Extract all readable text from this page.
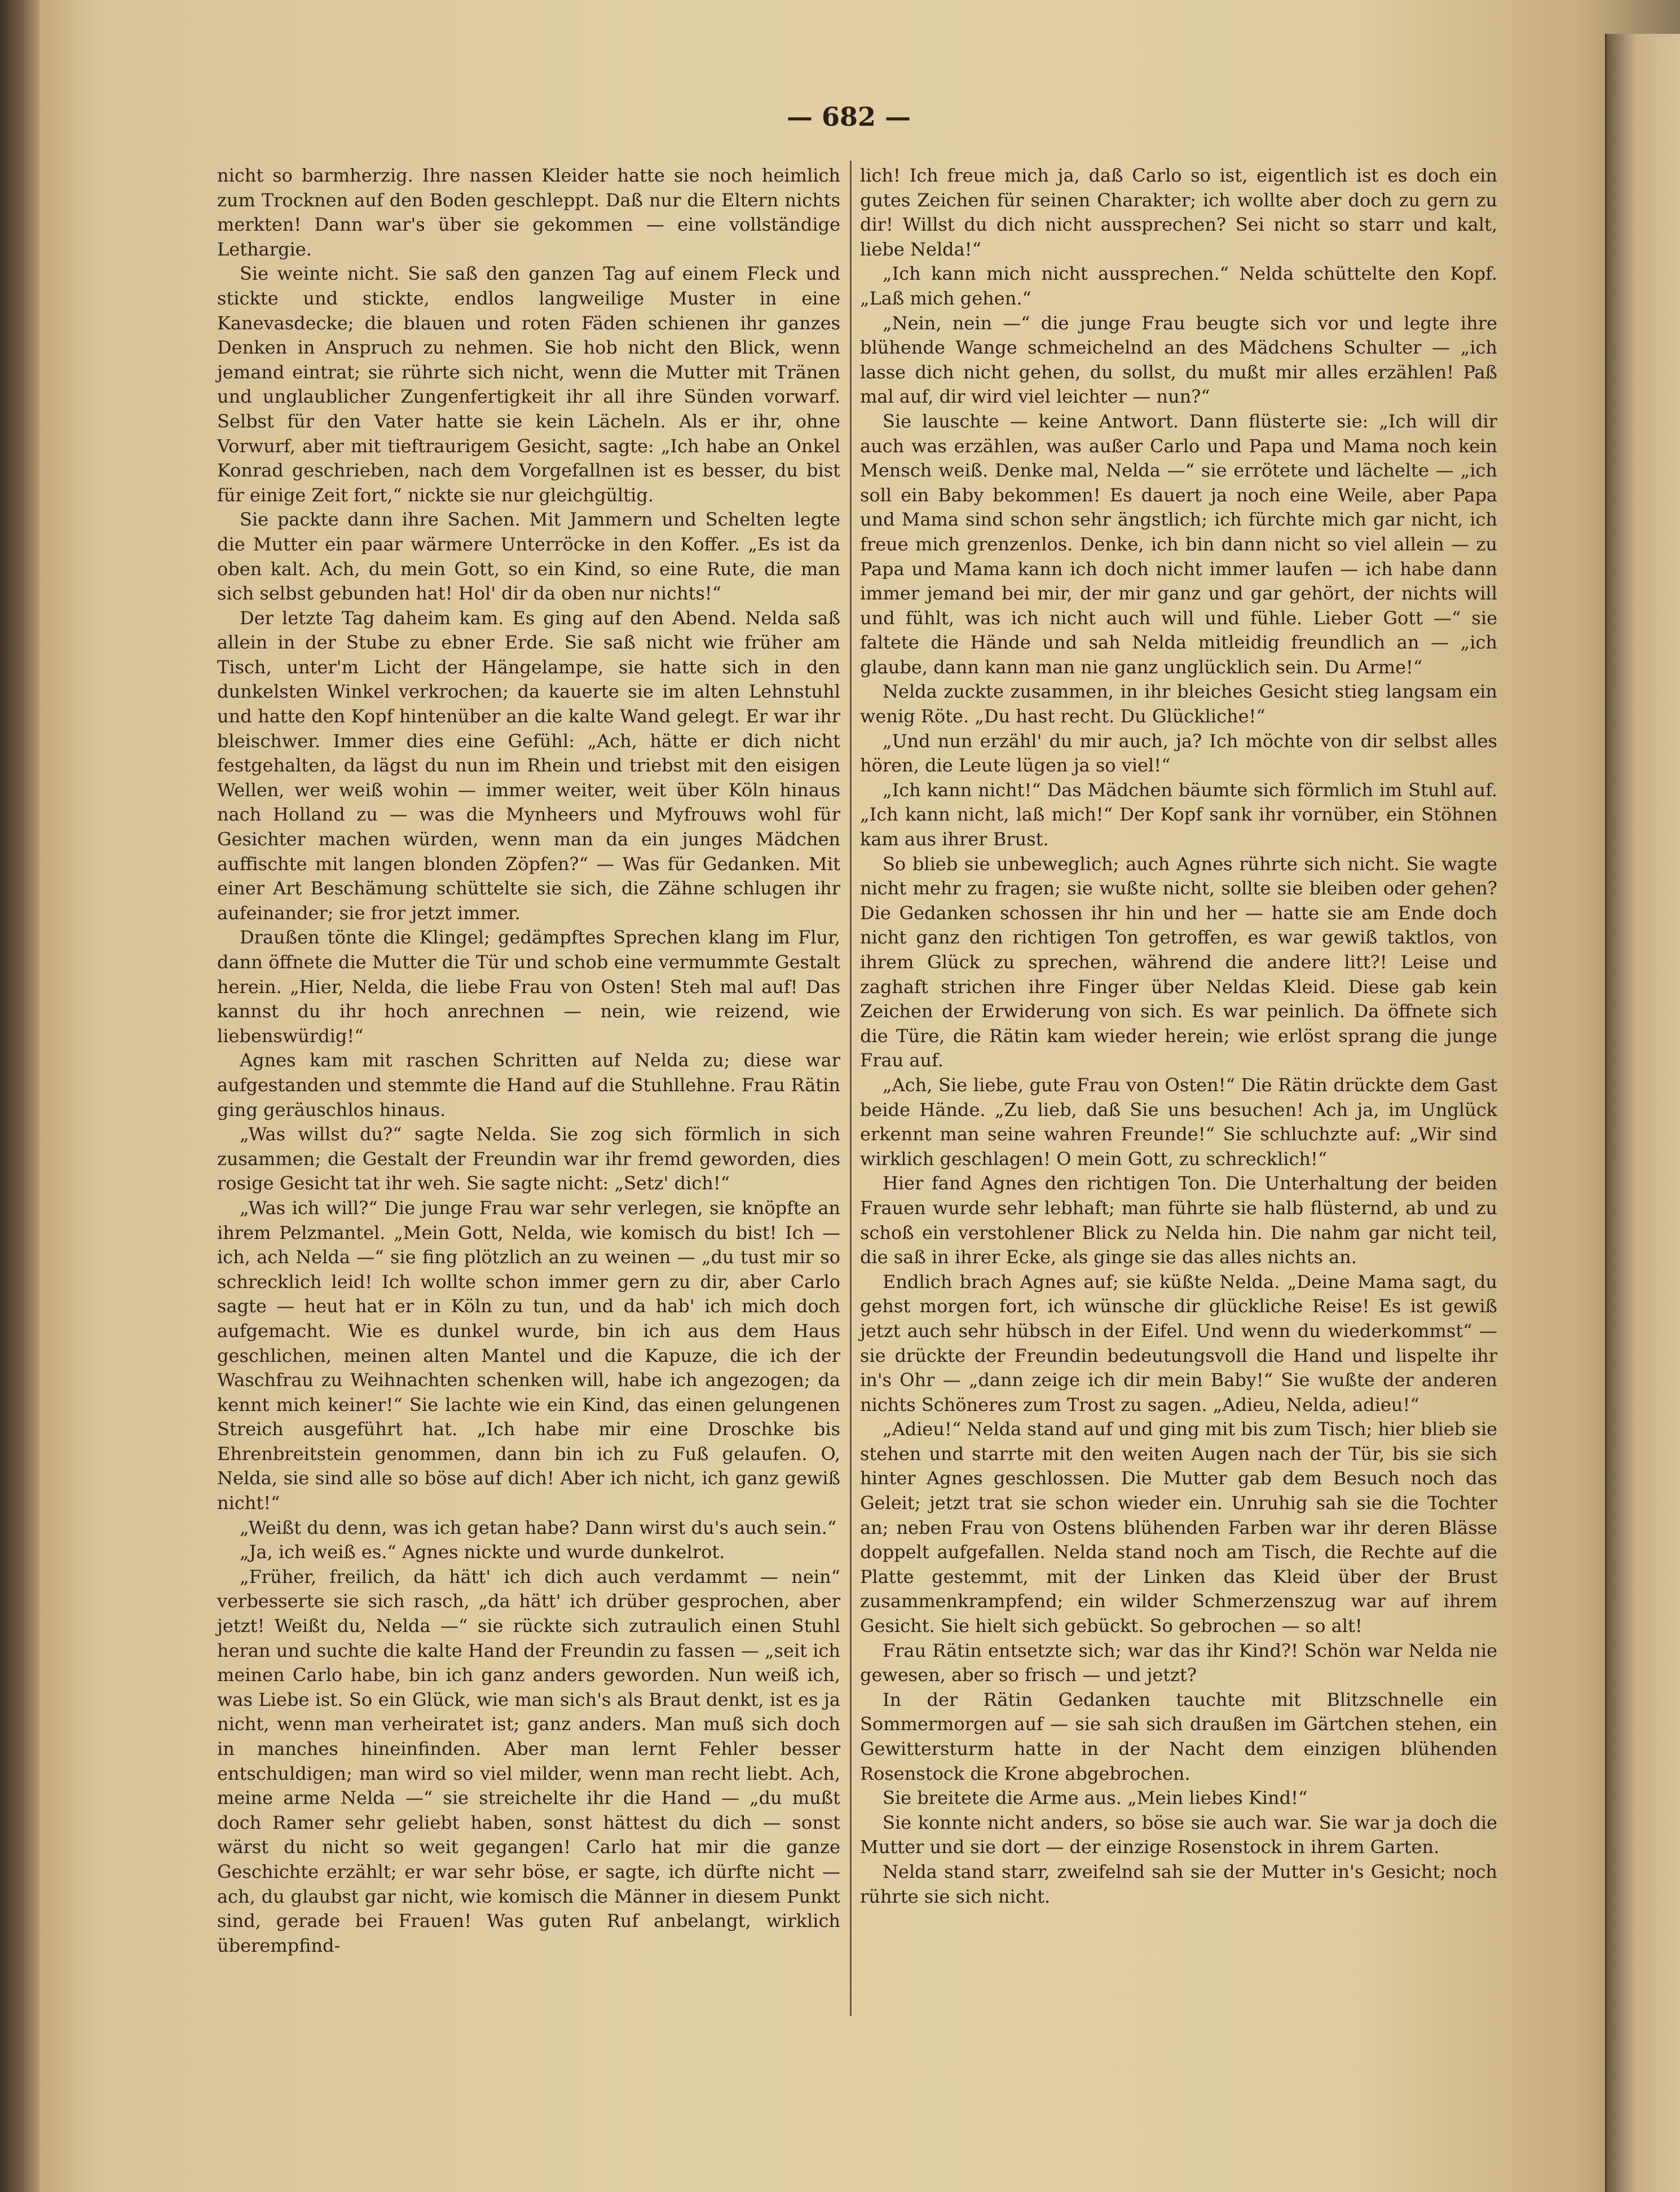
— 682 —

nicht so barmherzig. Ihre nassen Kleider hatte sie noch heimlich zum Trocknen auf den Boden geschleppt. Daß nur die Eltern nichts merkten! Dann war's über sie gekommen — eine vollständige Lethargie.

Sie weinte nicht. Sie saß den ganzen Tag auf einem Fleck und stickte und stickte, endlos langweilige Muster in eine Kanevasdecke; die blauen und roten Fäden schienen ihr ganzes Denken in Anspruch zu nehmen. Sie hob nicht den Blick, wenn jemand eintrat; sie rührte sich nicht, wenn die Mutter mit Tränen und unglaublicher Zungenfertigkeit ihr all ihre Sünden vorwarf. Selbst für den Vater hatte sie kein Lächeln. Als er ihr, ohne Vorwurf, aber mit tieftraurigem Gesicht, sagte: „Ich habe an Onkel Konrad geschrieben, nach dem Vorgefallnen ist es besser, du bist für einige Zeit fort,“ nickte sie nur gleichgültig.

Sie packte dann ihre Sachen. Mit Jammern und Schelten legte die Mutter ein paar wärmere Unterröcke in den Koffer. „Es ist da oben kalt. Ach, du mein Gott, so ein Kind, so eine Rute, die man sich selbst gebunden hat! Hol' dir da oben nur nichts!“

Der letzte Tag daheim kam. Es ging auf den Abend. Nelda saß allein in der Stube zu ebner Erde. Sie saß nicht wie früher am Tisch, unter'm Licht der Hängelampe, sie hatte sich in den dunkelsten Winkel verkrochen; da kauerte sie im alten Lehnstuhl und hatte den Kopf hintenüber an die kalte Wand gelegt. Er war ihr bleischwer. Immer dies eine Gefühl: „Ach, hätte er dich nicht festgehalten, da lägst du nun im Rhein und triebst mit den eisigen Wellen, wer weiß wohin — immer weiter, weit über Köln hinaus nach Holland zu — was die Mynheers und Myfrouws wohl für Gesichter machen würden, wenn man da ein junges Mädchen auffischte mit langen blonden Zöpfen?“ — Was für Gedanken. Mit einer Art Beschämung schüttelte sie sich, die Zähne schlugen ihr aufeinander; sie fror jetzt immer.

Draußen tönte die Klingel; gedämpftes Sprechen klang im Flur, dann öffnete die Mutter die Tür und schob eine vermummte Gestalt herein. „Hier, Nelda, die liebe Frau von Osten! Steh mal auf! Das kannst du ihr hoch anrechnen — nein, wie reizend, wie liebenswürdig!“

Agnes kam mit raschen Schritten auf Nelda zu; diese war aufgestanden und stemmte die Hand auf die Stuhllehne. Frau Rätin ging geräuschlos hinaus.

„Was willst du?“ sagte Nelda. Sie zog sich förmlich in sich zusammen; die Gestalt der Freundin war ihr fremd geworden, dies rosige Gesicht tat ihr weh. Sie sagte nicht: „Setz' dich!“

„Was ich will?“ Die junge Frau war sehr verlegen, sie knöpfte an ihrem Pelzmantel. „Mein Gott, Nelda, wie komisch du bist! Ich — ich, ach Nelda —“ sie fing plötzlich an zu weinen — „du tust mir so schrecklich leid! Ich wollte schon immer gern zu dir, aber Carlo sagte — heut hat er in Köln zu tun, und da hab' ich mich doch aufgemacht. Wie es dunkel wurde, bin ich aus dem Haus geschlichen, meinen alten Mantel und die Kapuze, die ich der Waschfrau zu Weihnachten schenken will, habe ich angezogen; da kennt mich keiner!“ Sie lachte wie ein Kind, das einen gelungenen Streich ausgeführt hat. „Ich habe mir eine Droschke bis Ehrenbreitstein genommen, dann bin ich zu Fuß gelaufen. O, Nelda, sie sind alle so böse auf dich! Aber ich nicht, ich ganz gewiß nicht!“

„Weißt du denn, was ich getan habe? Dann wirst du's auch sein.“

„Ja, ich weiß es.“ Agnes nickte und wurde dunkelrot.

„Früher, freilich, da hätt' ich dich auch verdammt — nein“ verbesserte sie sich rasch, „da hätt' ich drüber gesprochen, aber jetzt! Weißt du, Nelda —“ sie rückte sich zutraulich einen Stuhl heran und suchte die kalte Hand der Freundin zu fassen — „seit ich meinen Carlo habe, bin ich ganz anders geworden. Nun weiß ich, was Liebe ist. So ein Glück, wie man sich's als Braut denkt, ist es ja nicht, wenn man verheiratet ist; ganz anders. Man muß sich doch in manches hineinfinden. Aber man lernt Fehler besser entschuldigen; man wird so viel milder, wenn man recht liebt. Ach, meine arme Nelda —“ sie streichelte ihr die Hand — „du mußt doch Ramer sehr geliebt haben, sonst hättest du dich — sonst wärst du nicht so weit gegangen! Carlo hat mir die ganze Geschichte erzählt; er war sehr böse, er sagte, ich dürfte nicht — ach, du glaubst gar nicht, wie komisch die Männer in diesem Punkt sind, gerade bei Frauen! Was guten Ruf anbelangt, wirklich überempfind-

lich! Ich freue mich ja, daß Carlo so ist, eigentlich ist es doch ein gutes Zeichen für seinen Charakter; ich wollte aber doch zu gern zu dir! Willst du dich nicht aussprechen? Sei nicht so starr und kalt, liebe Nelda!“

„Ich kann mich nicht aussprechen.“ Nelda schüttelte den Kopf. „Laß mich gehen.“

„Nein, nein —“ die junge Frau beugte sich vor und legte ihre blühende Wange schmeichelnd an des Mädchens Schulter — „ich lasse dich nicht gehen, du sollst, du mußt mir alles erzählen! Paß mal auf, dir wird viel leichter — nun?“

Sie lauschte — keine Antwort. Dann flüsterte sie: „Ich will dir auch was erzählen, was außer Carlo und Papa und Mama noch kein Mensch weiß. Denke mal, Nelda —“ sie errötete und lächelte — „ich soll ein Baby bekommen! Es dauert ja noch eine Weile, aber Papa und Mama sind schon sehr ängstlich; ich fürchte mich gar nicht, ich freue mich grenzenlos. Denke, ich bin dann nicht so viel allein — zu Papa und Mama kann ich doch nicht immer laufen — ich habe dann immer jemand bei mir, der mir ganz und gar gehört, der nichts will und fühlt, was ich nicht auch will und fühle. Lieber Gott —“ sie faltete die Hände und sah Nelda mitleidig freundlich an — „ich glaube, dann kann man nie ganz unglücklich sein. Du Arme!“

Nelda zuckte zusammen, in ihr bleiches Gesicht stieg langsam ein wenig Röte. „Du hast recht. Du Glückliche!“

„Und nun erzähl' du mir auch, ja? Ich möchte von dir selbst alles hören, die Leute lügen ja so viel!“

„Ich kann nicht!“ Das Mädchen bäumte sich förmlich im Stuhl auf. „Ich kann nicht, laß mich!“ Der Kopf sank ihr vornüber, ein Stöhnen kam aus ihrer Brust.

So blieb sie unbeweglich; auch Agnes rührte sich nicht. Sie wagte nicht mehr zu fragen; sie wußte nicht, sollte sie bleiben oder gehen? Die Gedanken schossen ihr hin und her — hatte sie am Ende doch nicht ganz den richtigen Ton getroffen, es war gewiß taktlos, von ihrem Glück zu sprechen, während die andere litt?! Leise und zaghaft strichen ihre Finger über Neldas Kleid. Diese gab kein Zeichen der Erwiderung von sich. Es war peinlich. Da öffnete sich die Türe, die Rätin kam wieder herein; wie erlöst sprang die junge Frau auf.

„Ach, Sie liebe, gute Frau von Osten!“ Die Rätin drückte dem Gast beide Hände. „Zu lieb, daß Sie uns besuchen! Ach ja, im Unglück erkennt man seine wahren Freunde!“ Sie schluchzte auf: „Wir sind wirklich geschlagen! O mein Gott, zu schrecklich!“

Hier fand Agnes den richtigen Ton. Die Unterhaltung der beiden Frauen wurde sehr lebhaft; man führte sie halb flüsternd, ab und zu schoß ein verstohlener Blick zu Nelda hin. Die nahm gar nicht teil, die saß in ihrer Ecke, als ginge sie das alles nichts an.

Endlich brach Agnes auf; sie küßte Nelda. „Deine Mama sagt, du gehst morgen fort, ich wünsche dir glückliche Reise! Es ist gewiß jetzt auch sehr hübsch in der Eifel. Und wenn du wiederkommst“ — sie drückte der Freundin bedeutungsvoll die Hand und lispelte ihr in's Ohr — „dann zeige ich dir mein Baby!“ Sie wußte der anderen nichts Schöneres zum Trost zu sagen. „Adieu, Nelda, adieu!“

„Adieu!“ Nelda stand auf und ging mit bis zum Tisch; hier blieb sie stehen und starrte mit den weiten Augen nach der Tür, bis sie sich hinter Agnes geschlossen. Die Mutter gab dem Besuch noch das Geleit; jetzt trat sie schon wieder ein. Unruhig sah sie die Tochter an; neben Frau von Ostens blühenden Farben war ihr deren Blässe doppelt aufgefallen. Nelda stand noch am Tisch, die Rechte auf die Platte gestemmt, mit der Linken das Kleid über der Brust zusammenkrampfend; ein wilder Schmerzenszug war auf ihrem Gesicht. Sie hielt sich gebückt. So gebrochen — so alt!

Frau Rätin entsetzte sich; war das ihr Kind?! Schön war Nelda nie gewesen, aber so frisch — und jetzt?

In der Rätin Gedanken tauchte mit Blitzschnelle ein Sommermorgen auf — sie sah sich draußen im Gärtchen stehen, ein Gewittersturm hatte in der Nacht dem einzigen blühenden Rosenstock die Krone abgebrochen.

Sie breitete die Arme aus. „Mein liebes Kind!“

Sie konnte nicht anders, so böse sie auch war. Sie war ja doch die Mutter und sie dort — der einzige Rosenstock in ihrem Garten.

Nelda stand starr, zweifelnd sah sie der Mutter in's Gesicht; noch rührte sie sich nicht.
